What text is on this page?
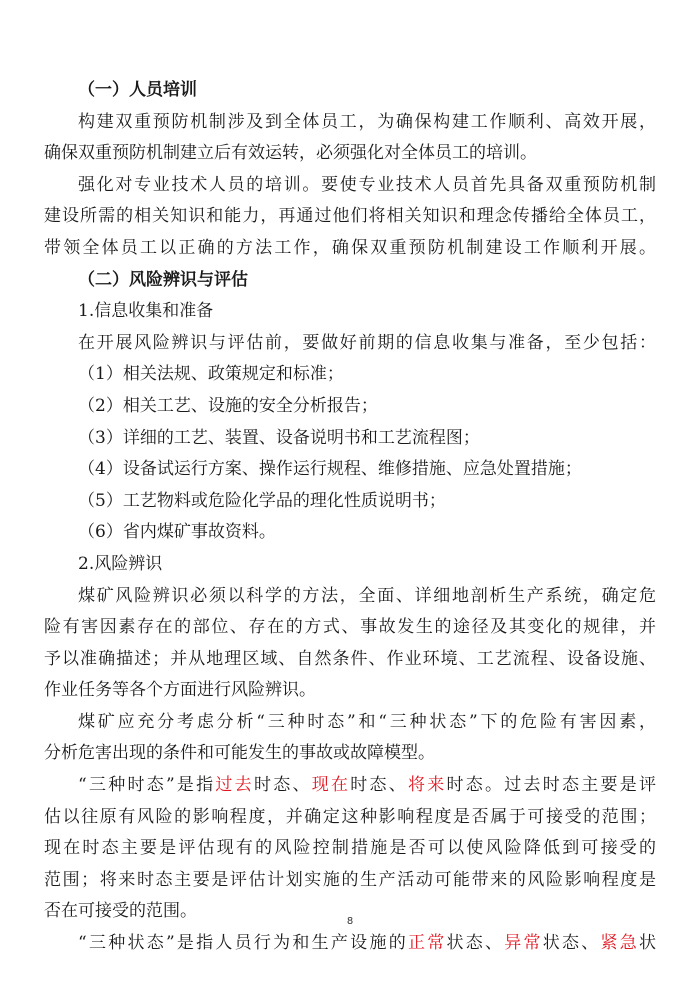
（一）人员培训
构建双重预防机制涉及到全体员工，为确保构建工作顺利、高效开展，
确保双重预防机制建立后有效运转，必须强化对全体员工的培训。
强化对专业技术人员的培训。要使专业技术人员首先具备双重预防机制
建设所需的相关知识和能力，再通过他们将相关知识和理念传播给全体员工，
带领全体员工以正确的方法工作，确保双重预防机制建设工作顺利开展。
（二）风险辨识与评估
1.信息收集和准备
在开展风险辨识与评估前，要做好前期的信息收集与准备，至少包括：
（1）相关法规、政策规定和标准；
（2）相关工艺、设施的安全分析报告；
（3）详细的工艺、装置、设备说明书和工艺流程图；
（4）设备试运行方案、操作运行规程、维修措施、应急处置措施；
（5）工艺物料或危险化学品的理化性质说明书；
（6）省内煤矿事故资料。
2.风险辨识
煤矿风险辨识必须以科学的方法，全面、详细地剖析生产系统，确定危
险有害因素存在的部位、存在的方式、事故发生的途径及其变化的规律，并
予以准确描述；并从地理区域、自然条件、作业环境、工艺流程、设备设施、
作业任务等各个方面进行风险辨识。
煤矿应充分考虑分析“三种时态”和“三种状态”下的危险有害因素，
分析危害出现的条件和可能发生的事故或故障模型。
“三种时态”是指过去时态、现在时态、将来时态。过去时态主要是评
估以往原有风险的影响程度，并确定这种影响程度是否属于可接受的范围；
现在时态主要是评估现有的风险控制措施是否可以使风险降低到可接受的
范围；将来时态主要是评估计划实施的生产活动可能带来的风险影响程度是
否在可接受的范围。
“三种状态”是指人员行为和生产设施的正常状态、异常状态、紧急状
8
